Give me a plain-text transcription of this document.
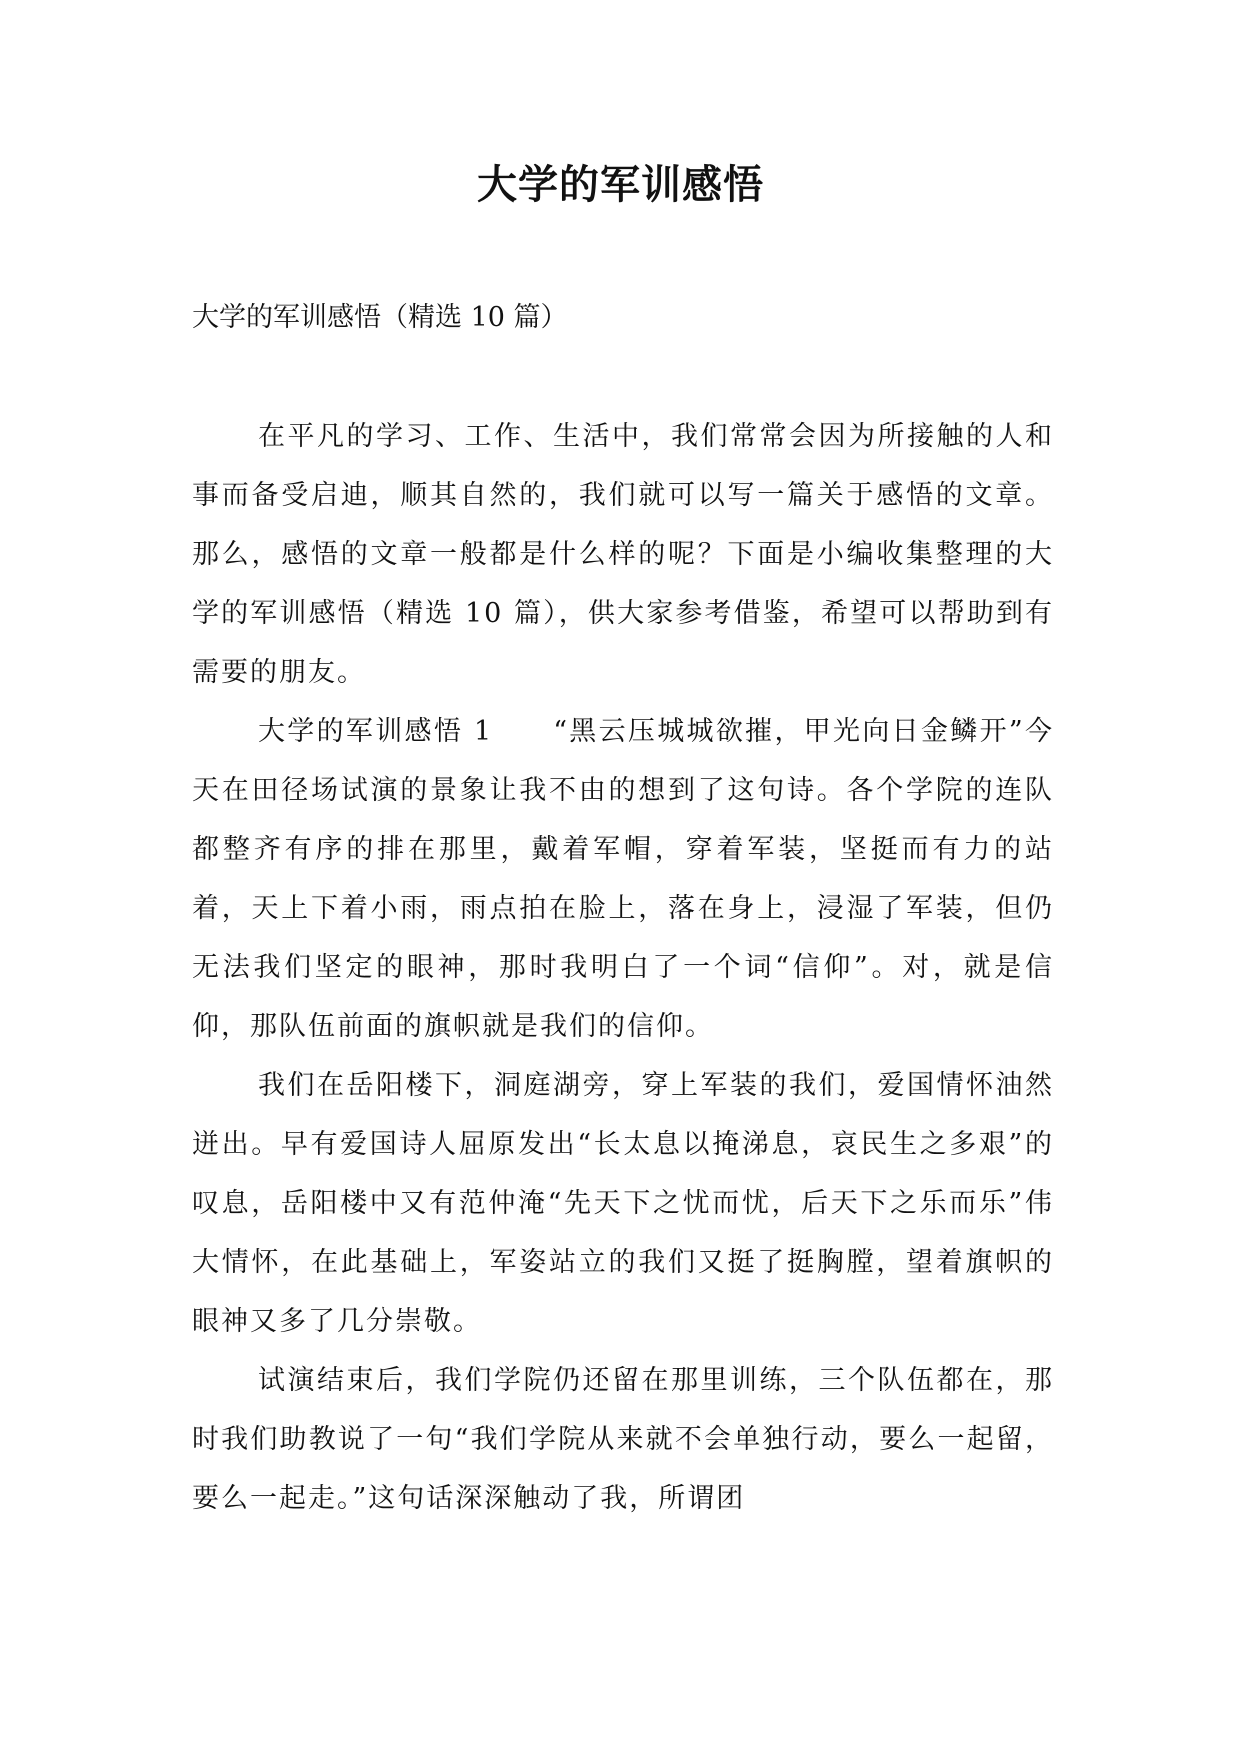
大学的军训感悟
大学的军训感悟（精选 10 篇）

在平凡的学习、工作、生活中，我们常常会因为所接触的人和事而备受启迪，顺其自然的，我们就可以写一篇关于感悟的文章。那么，感悟的文章一般都是什么样的呢？下面是小编收集整理的大学的军训感悟（精选 10 篇），供大家参考借鉴，希望可以帮助到有需要的朋友。

大学的军训感悟 1 “黑云压城城欲摧，甲光向日金鳞开”今天在田径场试演的景象让我不由的想到了这句诗。各个学院的连队都整齐有序的排在那里，戴着军帽，穿着军装，坚挺而有力的站着，天上下着小雨，雨点拍在脸上，落在身上，浸湿了军装，但仍无法我们坚定的眼神，那时我明白了一个词“信仰”。对，就是信仰，那队伍前面的旗帜就是我们的信仰。

我们在岳阳楼下，洞庭湖旁，穿上军装的我们，爱国情怀油然迸出。早有爱国诗人屈原发出“长太息以掩涕息，哀民生之多艰”的叹息，岳阳楼中又有范仲淹“先天下之忧而忧，后天下之乐而乐”伟大情怀，在此基础上，军姿站立的我们又挺了挺胸膛，望着旗帜的眼神又多了几分崇敬。

试演结束后，我们学院仍还留在那里训练，三个队伍都在，那时我们助教说了一句“我们学院从来就不会单独行动，要么一起留，要么一起走。”这句话深深触动了我，所谓团
